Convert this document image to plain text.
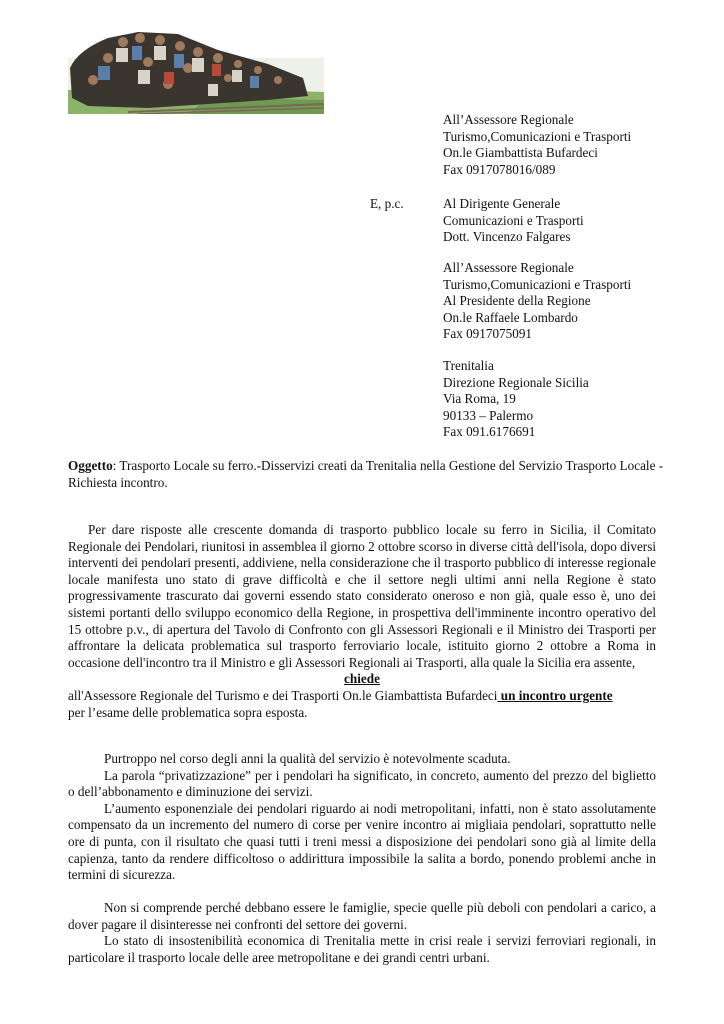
All’Assessore Regionale
Turismo,Comunicazioni e Trasporti
On.le Giambattista Bufardeci
Fax 0917078016/089
E, p.c.	Al Dirigente Generale
Comunicazioni e Trasporti
Dott. Vincenzo Falgares
All’Assessore Regionale
Turismo,Comunicazioni e Trasporti
Al Presidente della Regione
On.le Raffaele Lombardo
Fax 0917075091
Trenitalia
Direzione Regionale Sicilia
Via Roma, 19
90133 – Palermo
Fax 091.6176691
Oggetto: Trasporto Locale su ferro.-Disservizi creati da Trenitalia nella Gestione del Servizio Trasporto Locale - Richiesta incontro.

Per dare risposte alle crescente domanda di trasporto pubblico locale su ferro in Sicilia, il Comitato Regionale dei Pendolari, riunitosi in assemblea il giorno 2 ottobre scorso in diverse città dell'isola, dopo diversi interventi dei pendolari presenti, addiviene, nella considerazione che il trasporto pubblico di interesse regionale locale manifesta uno stato di grave difficoltà e che il settore negli ultimi anni nella Regione è stato progressivamente trascurato dai governi essendo stato considerato oneroso e non già, quale esso è, uno dei sistemi portanti dello sviluppo economico della Regione, in prospettiva dell'imminente incontro operativo del 15 ottobre p.v., di apertura del Tavolo di Confronto con gli Assessori Regionali e il Ministro dei Trasporti per affrontare la delicata problematica sul trasporto ferroviario locale, istituito giorno 2 ottobre a Roma in occasione dell'incontro tra il Ministro e gli Assessori Regionali ai Trasporti, alla quale la Sicilia era assente,

chiede

all'Assessore Regionale del Turismo e dei Trasporti On.le Giambattista Bufardeci un incontro urgente

per l’esame delle problematica sopra esposta.

Purtroppo nel corso degli anni la qualità del servizio è notevolmente scaduta.

La parola “privatizzazione” per i pendolari ha significato, in concreto, aumento del prezzo del biglietto o dell’abbonamento e diminuzione dei servizi.

L’aumento esponenziale dei pendolari riguardo ai nodi metropolitani, infatti, non è stato assolutamente compensato da un incremento del numero di corse per venire incontro ai migliaia pendolari, soprattutto nelle ore di punta, con il risultato che quasi tutti i treni messi a disposizione dei pendolari sono già al limite della capienza, tanto da rendere difficoltoso o addirittura impossibile la salita a bordo, ponendo problemi anche in termini di sicurezza.

Non si comprende perché debbano essere le famiglie, specie quelle più deboli con pendolari a carico, a dover pagare il disinteresse nei confronti del settore dei governi.

Lo stato di insostenibilità economica di Trenitalia mette in crisi reale i servizi ferroviari regionali, in particolare il trasporto locale delle aree metropolitane e dei grandi centri urbani.
